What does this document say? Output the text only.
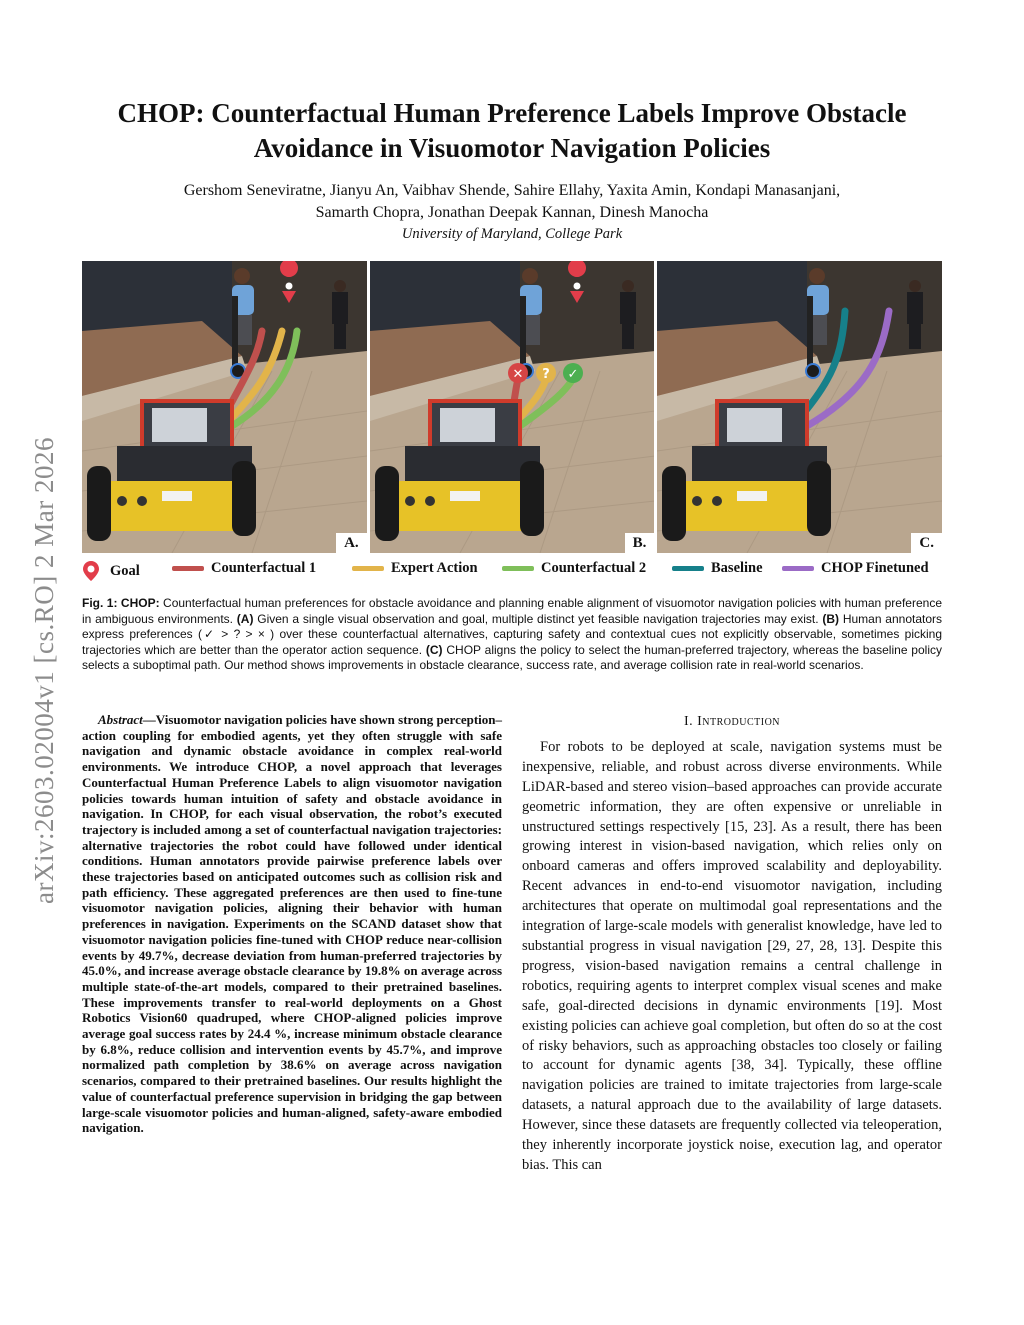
arXiv:2603.02004v1 [cs.RO] 2 Mar 2026
CHOP: Counterfactual Human Preference Labels Improve Obstacle Avoidance in Visuomotor Navigation Policies
Gershom Seneviratne, Jianyu An, Vaibhav Shende, Sahire Ellahy, Yaxita Amin, Kondapi Manasanjani,
Samarth Chopra, Jonathan Deepak Kannan, Dinesh Manocha
University of Maryland, College Park
A.
✕ ? ✓
B.	C.
Goal	Counterfactual 1	Expert Action	Counterfactual 2	Baseline	CHOP Finetuned
Fig. 1: CHOP: Counterfactual human preferences for obstacle avoidance and planning enable alignment of visuomotor navigation policies with human preference in ambiguous environments. (A) Given a single visual observation and goal, multiple distinct yet feasible navigation trajectories may exist. (B) Human annotators express preferences (✓ > ? > × ) over these counterfactual alternatives, capturing safety and contextual cues not explicitly observable, sometimes picking trajectories which are better than the operator action sequence. (C) CHOP aligns the policy to select the human-preferred trajectory, whereas the baseline policy selects a suboptimal path. Our method shows improvements in obstacle clearance, success rate, and average collision rate in real-world scenarios.

Abstract—Visuomotor navigation policies have shown strong perception–action coupling for embodied agents, yet they often struggle with safe navigation and dynamic obstacle avoidance in complex real-world environments. We introduce CHOP, a novel approach that leverages Counterfactual Human Preference Labels to align visuomotor navigation policies towards human intuition of safety and obstacle avoidance in navigation. In CHOP, for each visual observation, the robot’s executed trajectory is included among a set of counterfactual navigation trajectories: alternative trajectories the robot could have followed under identical conditions. Human annotators provide pairwise preference labels over these trajectories based on anticipated outcomes such as collision risk and path efficiency. These aggregated preferences are then used to fine-tune visuomotor navigation policies, aligning their behavior with human preferences in navigation. Experiments on the SCAND dataset show that visuomotor navigation policies fine-tuned with CHOP reduce near-collision events by 49.7%, decrease deviation from human-preferred trajectories by 45.0%, and increase average obstacle clearance by 19.8% on average across multiple state-of-the-art models, compared to their pretrained baselines. These improvements transfer to real-world deployments on a Ghost Robotics Vision60 quadruped, where CHOP-aligned policies improve average goal success rates by 24.4 %, increase minimum obstacle clearance by 6.8%, reduce collision and intervention events by 45.7%, and improve normalized path completion by 38.6% on average across navigation scenarios, compared to their pretrained baselines. Our results highlight the value of counterfactual preference supervision in bridging the gap between large-scale visuomotor policies and human-aligned, safety-aware embodied navigation.

I. Introduction

For robots to be deployed at scale, navigation systems must be inexpensive, reliable, and robust across diverse environments. While LiDAR-based and stereo vision–based approaches can provide accurate geometric information, they are often expensive or unreliable in unstructured settings respectively [15, 23]. As a result, there has been growing interest in vision-based navigation, which relies only on onboard cameras and offers improved scalability and deployability. Recent advances in end-to-end visuomotor navigation, including architectures that operate on multimodal goal representations and the integration of large-scale models with generalist knowledge, have led to substantial progress in visual navigation [29, 27, 28, 13]. Despite this progress, vision-based navigation remains a central challenge in robotics, requiring agents to interpret complex visual scenes and make safe, goal-directed decisions in dynamic environments [19]. Most existing policies can achieve goal completion, but often do so at the cost of risky behaviors, such as approaching obstacles too closely or failing to account for dynamic agents [38, 34]. Typically, these offline navigation policies are trained to imitate trajectories from large-scale datasets, a natural approach due to the availability of large datasets. However, since these datasets are frequently collected via teleoperation, they inherently incorporate joystick noise, execution lag, and operator bias. This can
